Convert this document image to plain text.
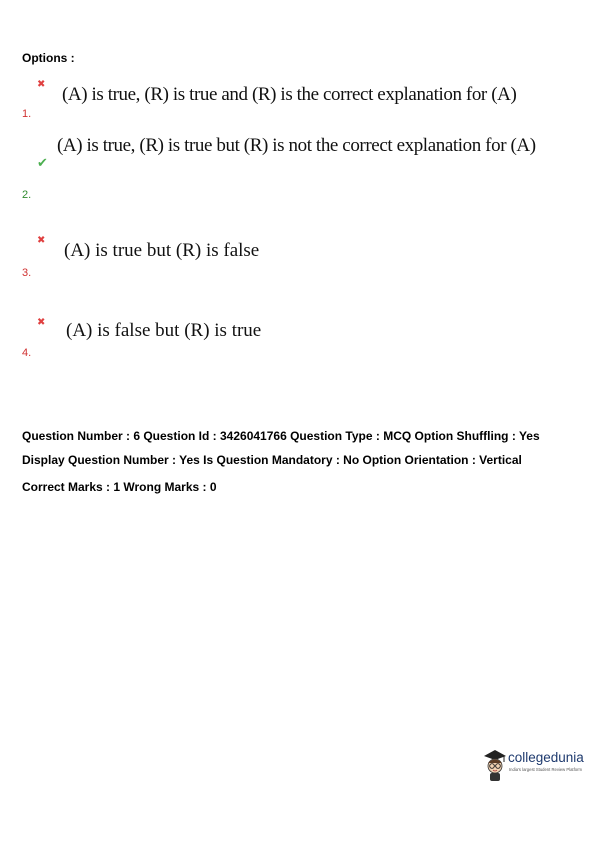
Options :
✖ (A) is true, (R) is true and (R) is the correct explanation for (A)
1.
(A) is true, (R) is true but (R) is not the correct explanation for (A)
✔
2.
✖ (A) is true but (R) is false
3.
✖ (A) is false but (R) is true
4.
Question Number : 6 Question Id : 3426041766 Question Type : MCQ Option Shuffling : Yes
Display Question Number : Yes Is Question Mandatory : No Option Orientation : Vertical
Correct Marks : 1 Wrong Marks : 0
collegedunia
India's largest Student Review Platform
